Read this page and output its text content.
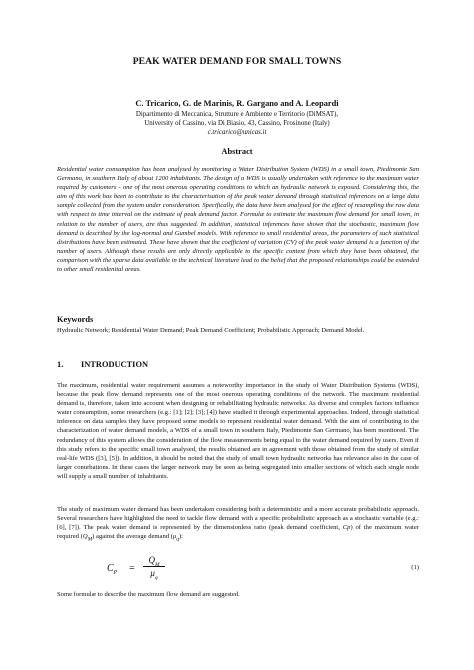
PEAK WATER DEMAND FOR SMALL TOWNS
C. Tricarico, G. de Marinis, R. Gargano and A. Leopardi
Dipartimento di Meccanica, Strutture e Ambiente e Territorio (DiMSAT),
University of Cassino, via Di Biasio, 43, Cassino, Frosinone (Italy)
c.tricarico@unicas.it
Abstract
Residential water consumption has been analysed by monitoring a Water Distribution System (WDS) in a small town, Piedimonte San Germano, in southern Italy of about 1200 inhabitants. The design of a WDS is usually undertaken with reference to the maximum water required by customers - one of the most onerous operating conditions to which an hydraulic network is exposed. Considering this, the aim of this work has been to contribute to the characterisation of the peak water demand through statistical inferences on a large data sample collected from the system under consideration. Specifically, the data have been analysed for the effect of resampling the raw data with respect to time interval on the estimate of peak demand factor. Formulæ to estimate the maximum flow demand for small town, in relation to the number of users, are thus suggested. In addition, statistical inferences have shown that the stochastic, maximum flow demand is described by the log-normal and Gumbel models. With reference to small residential areas, the parameters of such statistical distributions have been estimated. These have shown that the coefficient of variation (CV) of the peak water demand is a function of the number of users. Although these results are only directly applicable to the specific context from which they have been obtained, the comparison with the sparse data available in the technical literature lead to the belief that the proposed relationships could be extended to other small residential areas.
Keywords
Hydraulic Network; Residential Water Demand; Peak Demand Coefficient; Probabilistic Approach; Demand Model.
1. INTRODUCTION
The maximum, residential water requirement assumes a noteworthy importance in the study of Water Distribution Systems (WDS), because the peak flow demand represents one of the most onerous operating conditions of the network. The maximum residential demand is, therefore, taken into account when designing or rehabilitating hydraulic networks. As diverse and complex factors influence water consumption, some researchers (e.g.: [1]; [2]; [3]; [4]) have studied it through experimental approaches. Indeed, through statistical inference on data samples they have proposed some models to represent residential water demand. With the aim of contributing to the characterization of water demand models, a WDS of a small town in southern Italy, Piedimonte San Germano, has been monitored. The redundancy of this system allows the consideration of the flow measurements being equal to the water demand required by users. Even if this study refers to the specific small town analysed, the results obtained are in agreement with those obtained from the study of similar real-life WDS ([3], [5]). In addition, it should be noted that the study of small town hydraulic networks has relevance also in the case of larger conurbations. In these cases the larger network may be seen as being segregated into smaller sections of which each single node will supply a small number of inhabitants.
The study of maximum water demand has been undertaken considering both a deterministic and a more accurate probabilistic approach. Several researchers have highlighted the need to tackle flow demand with a specific probabilistic approach as a stochastic variable (e.g.: [6], [7]). The peak water demand is represented by the dimensionless ratio (peak demand coefficient, Cp) of the maximum water required $(Q_M)$ against the average demand $(\mu_q)$:
$C_P = \frac{Q_M}{\mu_q}$	(1)
Some formulæ to describe the maximum flow demand are suggested.
